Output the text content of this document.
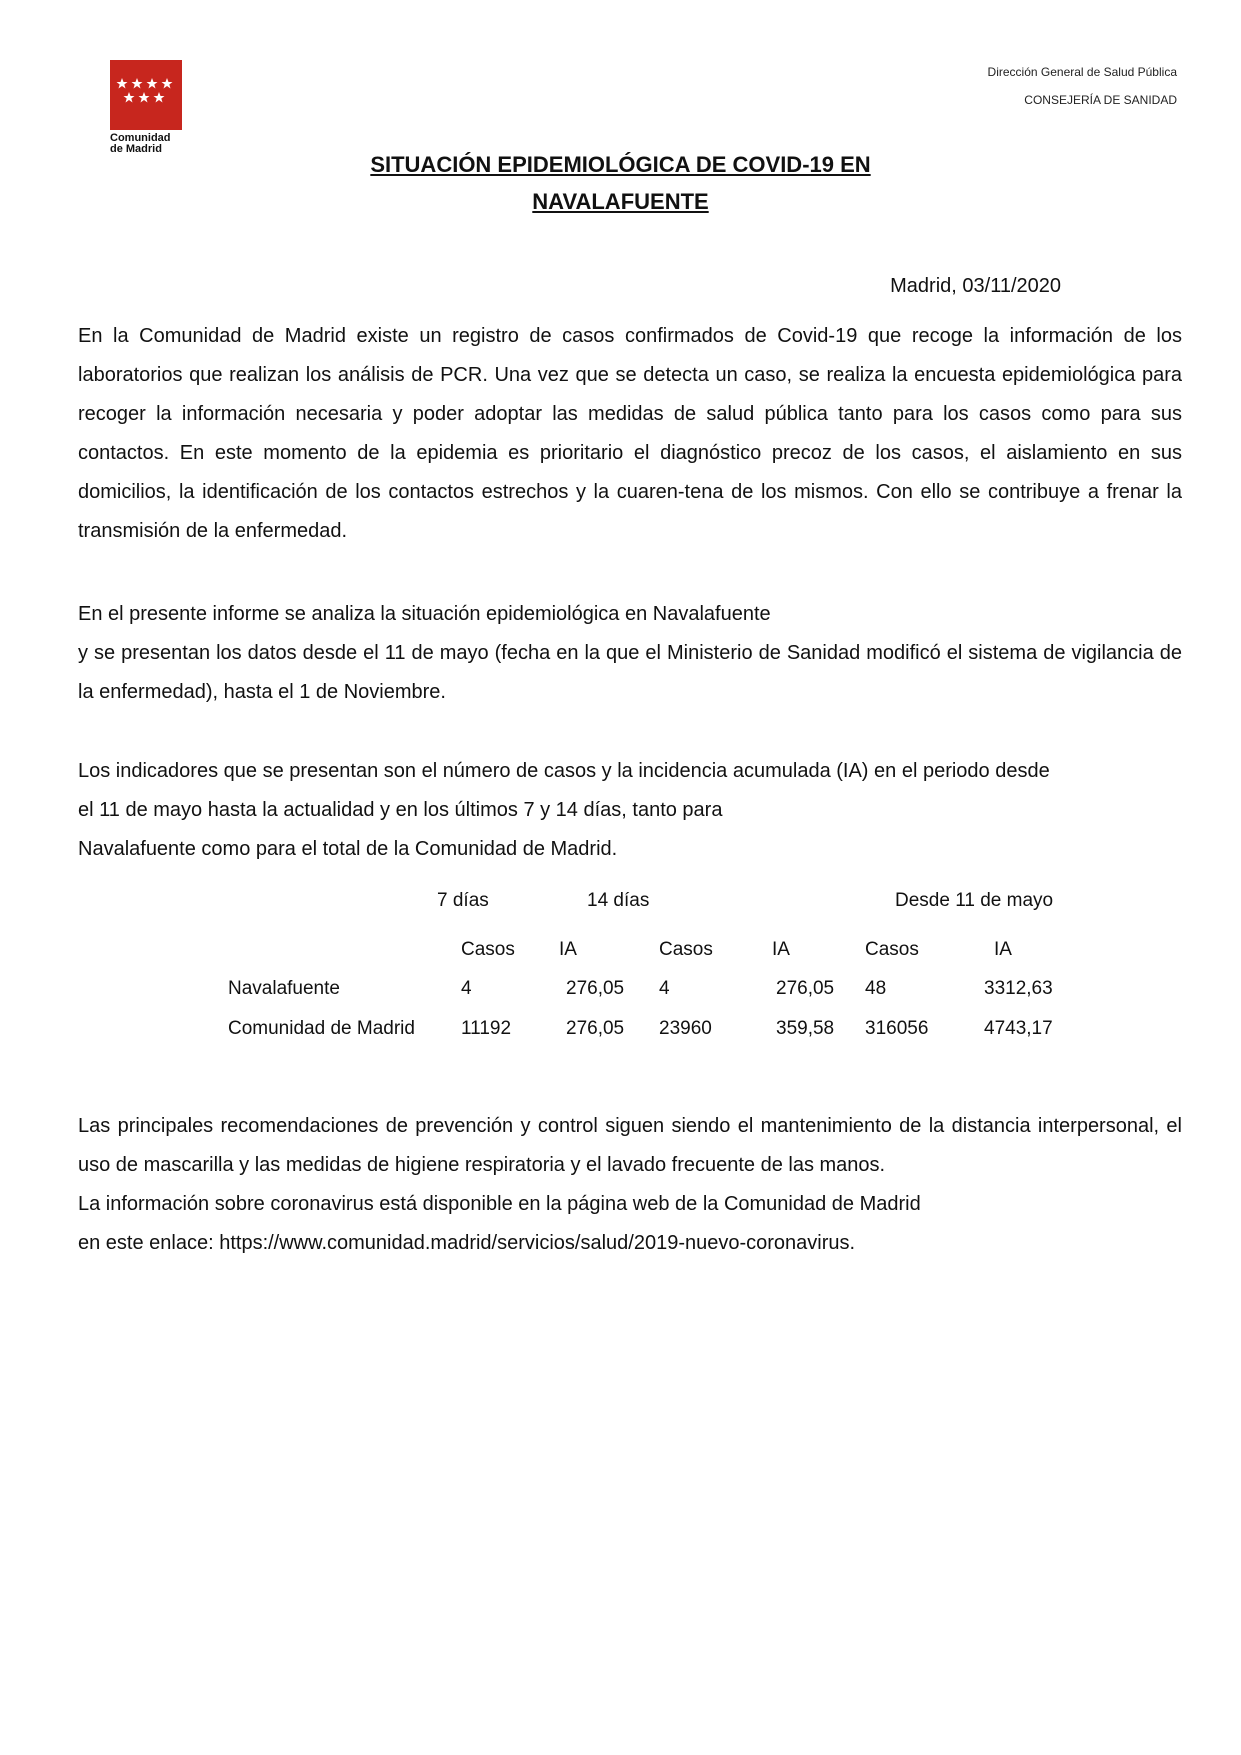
Comunidad
de Madrid
Dirección General de Salud Pública
CONSEJERÍA DE SANIDAD
SITUACIÓN EPIDEMIOLÓGICA DE COVID-19 EN
NAVALAFUENTE
Madrid, 03/11/2020

En la Comunidad de Madrid existe un registro de casos confirmados de Covid-19 que recoge la información de los laboratorios que realizan los análisis de PCR. Una vez que se detecta un caso, se realiza la encuesta epidemiológica para recoger la información necesaria y poder adoptar las medidas de salud pública tanto para los casos como para sus contactos. En este momento de la epidemia es prioritario el diagnóstico precoz de los casos, el aislamiento en sus domicilios, la identificación de los contactos estrechos y la cuaren-tena de los mismos. Con ello se contribuye a frenar la transmisión de la enfermedad.

En el presente informe se analiza la situación epidemiológica en Navalafuente
y se presentan los datos desde el 11 de mayo (fecha en la que el Ministerio de Sanidad modificó el sistema de vigilancia de la enfermedad), hasta el 1 de Noviembre.
Los indicadores que se presentan son el número de casos y la incidencia acumulada (IA) en el periodo desde
el 11 de mayo hasta la actualidad y en los últimos 7 y 14 días, tanto para
Navalafuente como para el total de la Comunidad de Madrid.
7 días	14 días	Desde 11 de mayo
Casos IA	Casos	IA	Casos	IA
Navalafuente	4	276,05 4	276,05 48	3312,63
Comunidad de Madrid 11192	276,05 23960	359,58 316056	4743,17
Las principales recomendaciones de prevención y control siguen siendo el mantenimiento de la distancia interpersonal, el uso de mascarilla y las medidas de higiene respiratoria y el lavado frecuente de las manos.
La información sobre coronavirus está disponible en la página web de la Comunidad de Madrid
en este enlace: https://www.comunidad.madrid/servicios/salud/2019-nuevo-coronavirus.
